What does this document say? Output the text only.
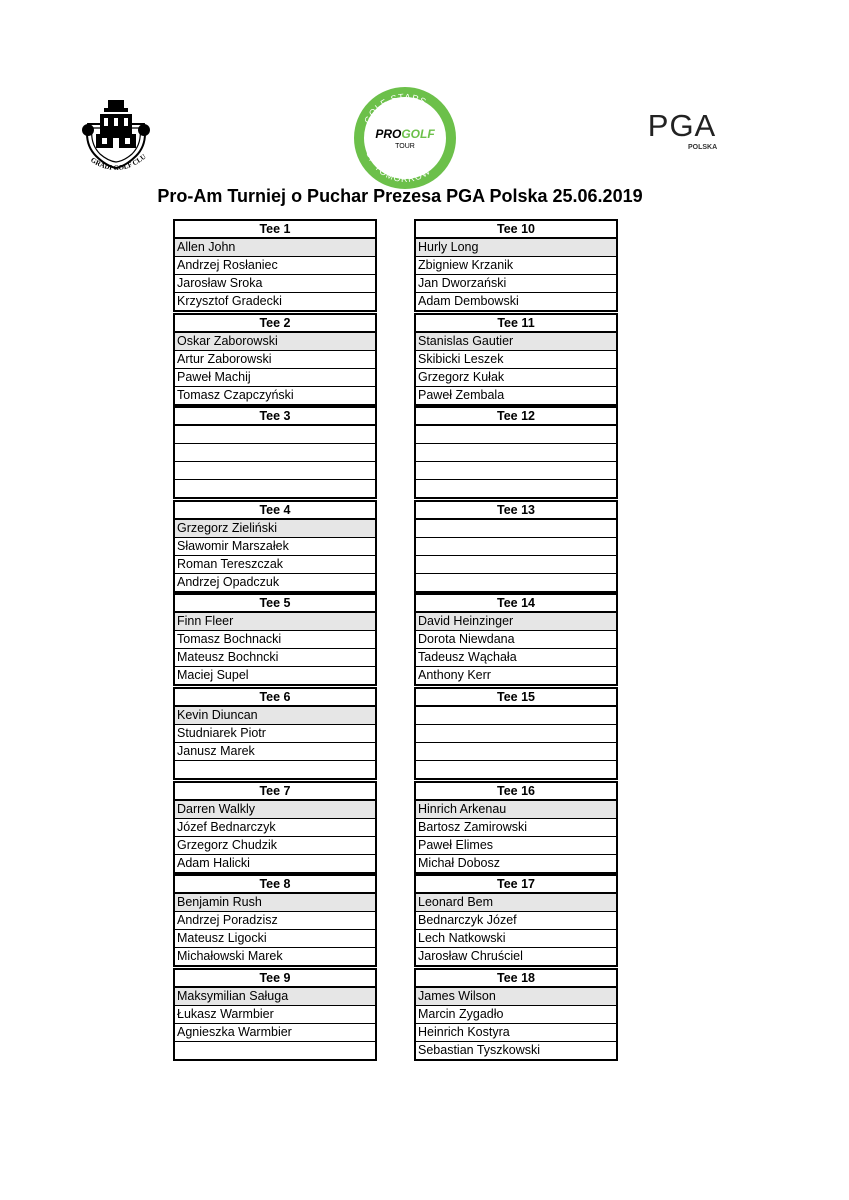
GRADI GOLF CLU
GOLF STARS
OF TOMORROW
PROGOLF
TOUR
PGA
POLSKA
Pro-Am Turniej o Puchar Prezesa PGA Polska 25.06.2019
Tee 1
Allen John
Andrzej Rosłaniec
Jarosław Sroka
Krzysztof Gradecki
Tee 10
Hurly Long
Zbigniew Krzanik
Jan Dworzański
Adam Dembowski
Tee 2
Oskar Zaborowski
Artur Zaborowski
Paweł Machij
Tomasz Czapczyński
Tee 11
Stanislas Gautier
Skibicki Leszek
Grzegorz Kułak
Paweł Zembala
Tee 3	Tee 12
Tee 4
Grzegorz Zieliński
Sławomir Marszałek
Roman Tereszczak
Andrzej Opadczuk
Tee 13
Tee 5
Finn Fleer
Tomasz Bochnacki
Mateusz Bochncki
Maciej Supel
Tee 14
David Heinzinger
Dorota Niewdana
Tadeusz Wąchała
Anthony Kerr
Tee 6
Kevin Diuncan
Studniarek Piotr
Janusz Marek
Tee 15
Tee 7
Darren Walkly
Józef Bednarczyk
Grzegorz Chudzik
Adam Halicki
Tee 16
Hinrich Arkenau
Bartosz Zamirowski
Paweł Elimes
Michał Dobosz
Tee 8
Benjamin Rush
Andrzej Poradzisz
Mateusz Ligocki
Michałowski Marek
Tee 17
Leonard Bem
Bednarczyk Józef
Lech Natkowski
Jarosław Chruściel
Tee 9
Maksymilian Saługa
Łukasz Warmbier
Agnieszka Warmbier
Tee 18
James Wilson
Marcin Zygadło
Heinrich Kostyra
Sebastian Tyszkowski
